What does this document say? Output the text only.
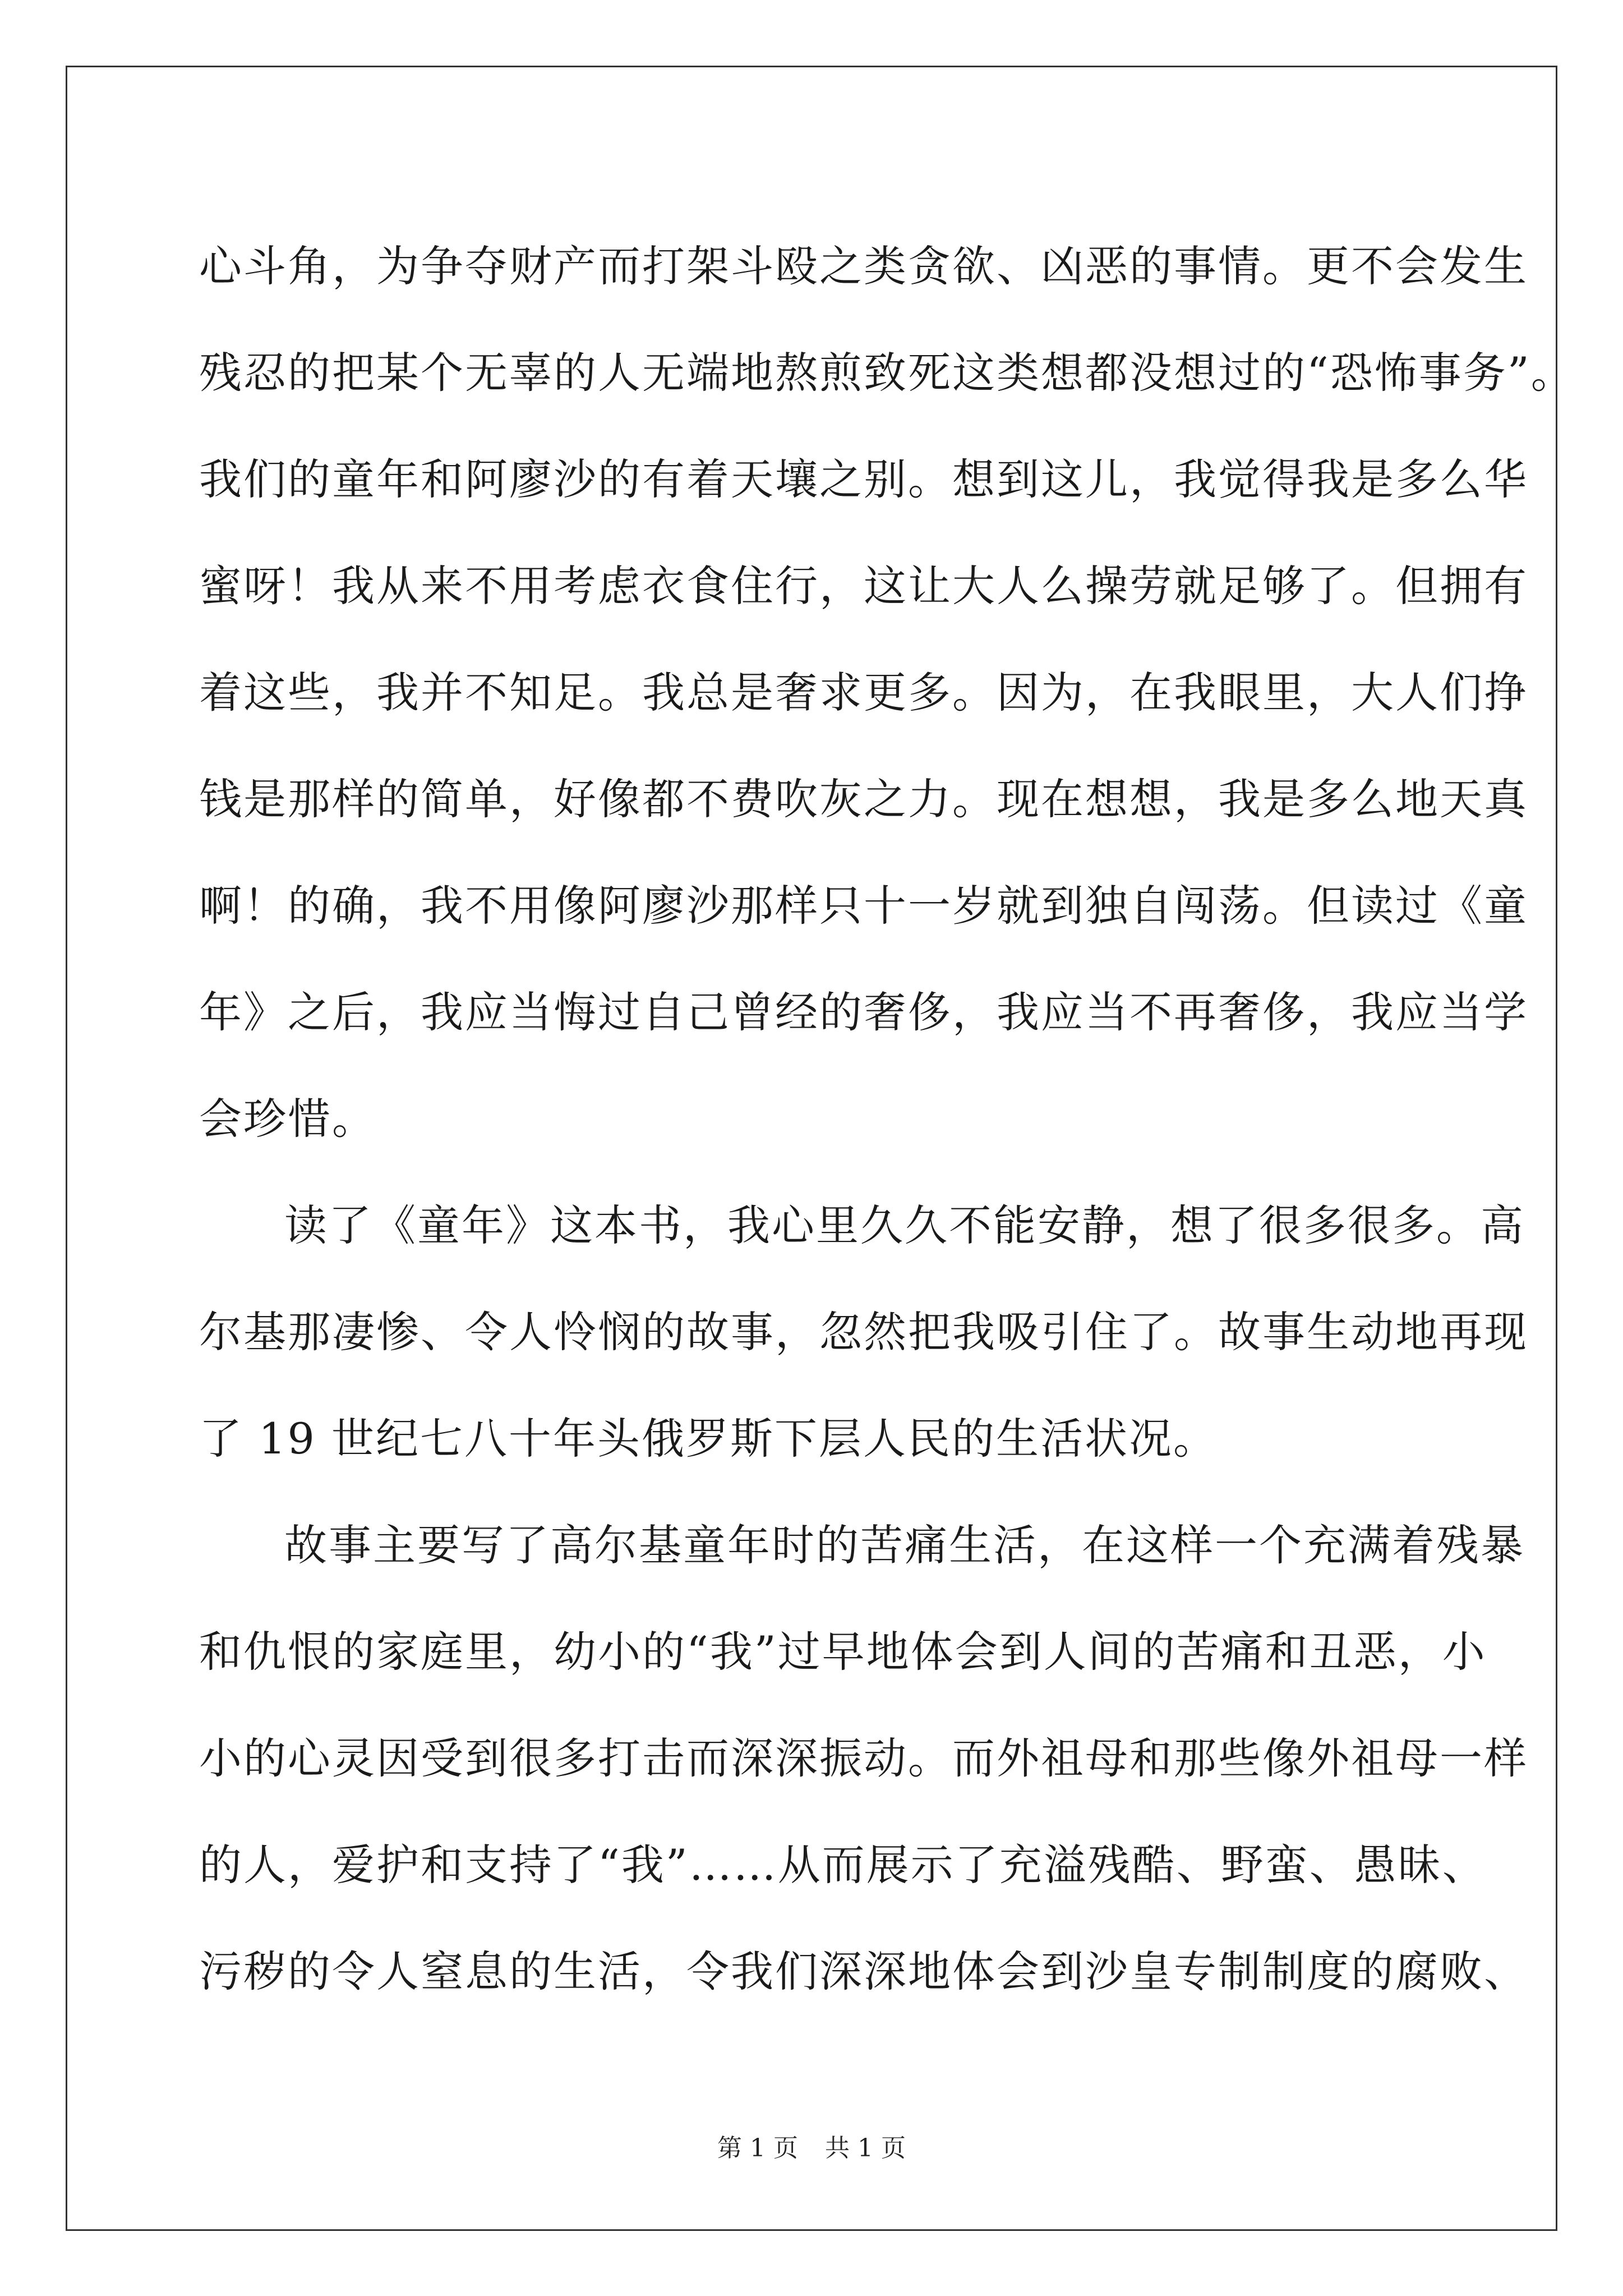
心斗角，为争夺财产而打架斗殴之类贪欲、凶恶的事情。更不会发生
残忍的把某个无辜的人无端地熬煎致死这类想都没想过的“恐怖事务”。
我们的童年和阿廖沙的有着天壤之别。想到这儿，我觉得我是多么华
蜜呀！我从来不用考虑衣食住行，这让大人么操劳就足够了。但拥有
着这些，我并不知足。我总是奢求更多。因为，在我眼里，大人们挣
钱是那样的简单，好像都不费吹灰之力。现在想想，我是多么地天真
啊！的确，我不用像阿廖沙那样只十一岁就到独自闯荡。但读过《童
年》之后，我应当悔过自己曾经的奢侈，我应当不再奢侈，我应当学
会珍惜。
读了《童年》这本书，我心里久久不能安静，想了很多很多。高
尔基那凄惨、令人怜悯的故事，忽然把我吸引住了。故事生动地再现
了 19 世纪七八十年头俄罗斯下层人民的生活状况。
故事主要写了高尔基童年时的苦痛生活，在这样一个充满着残暴
和仇恨的家庭里，幼小的“我”过早地体会到人间的苦痛和丑恶，小
小的心灵因受到很多打击而深深振动。而外祖母和那些像外祖母一样
的人，爱护和支持了“我”……从而展示了充溢残酷、野蛮、愚昧、
污秽的令人窒息的生活，令我们深深地体会到沙皇专制制度的腐败、
第 1 页 共 1 页
